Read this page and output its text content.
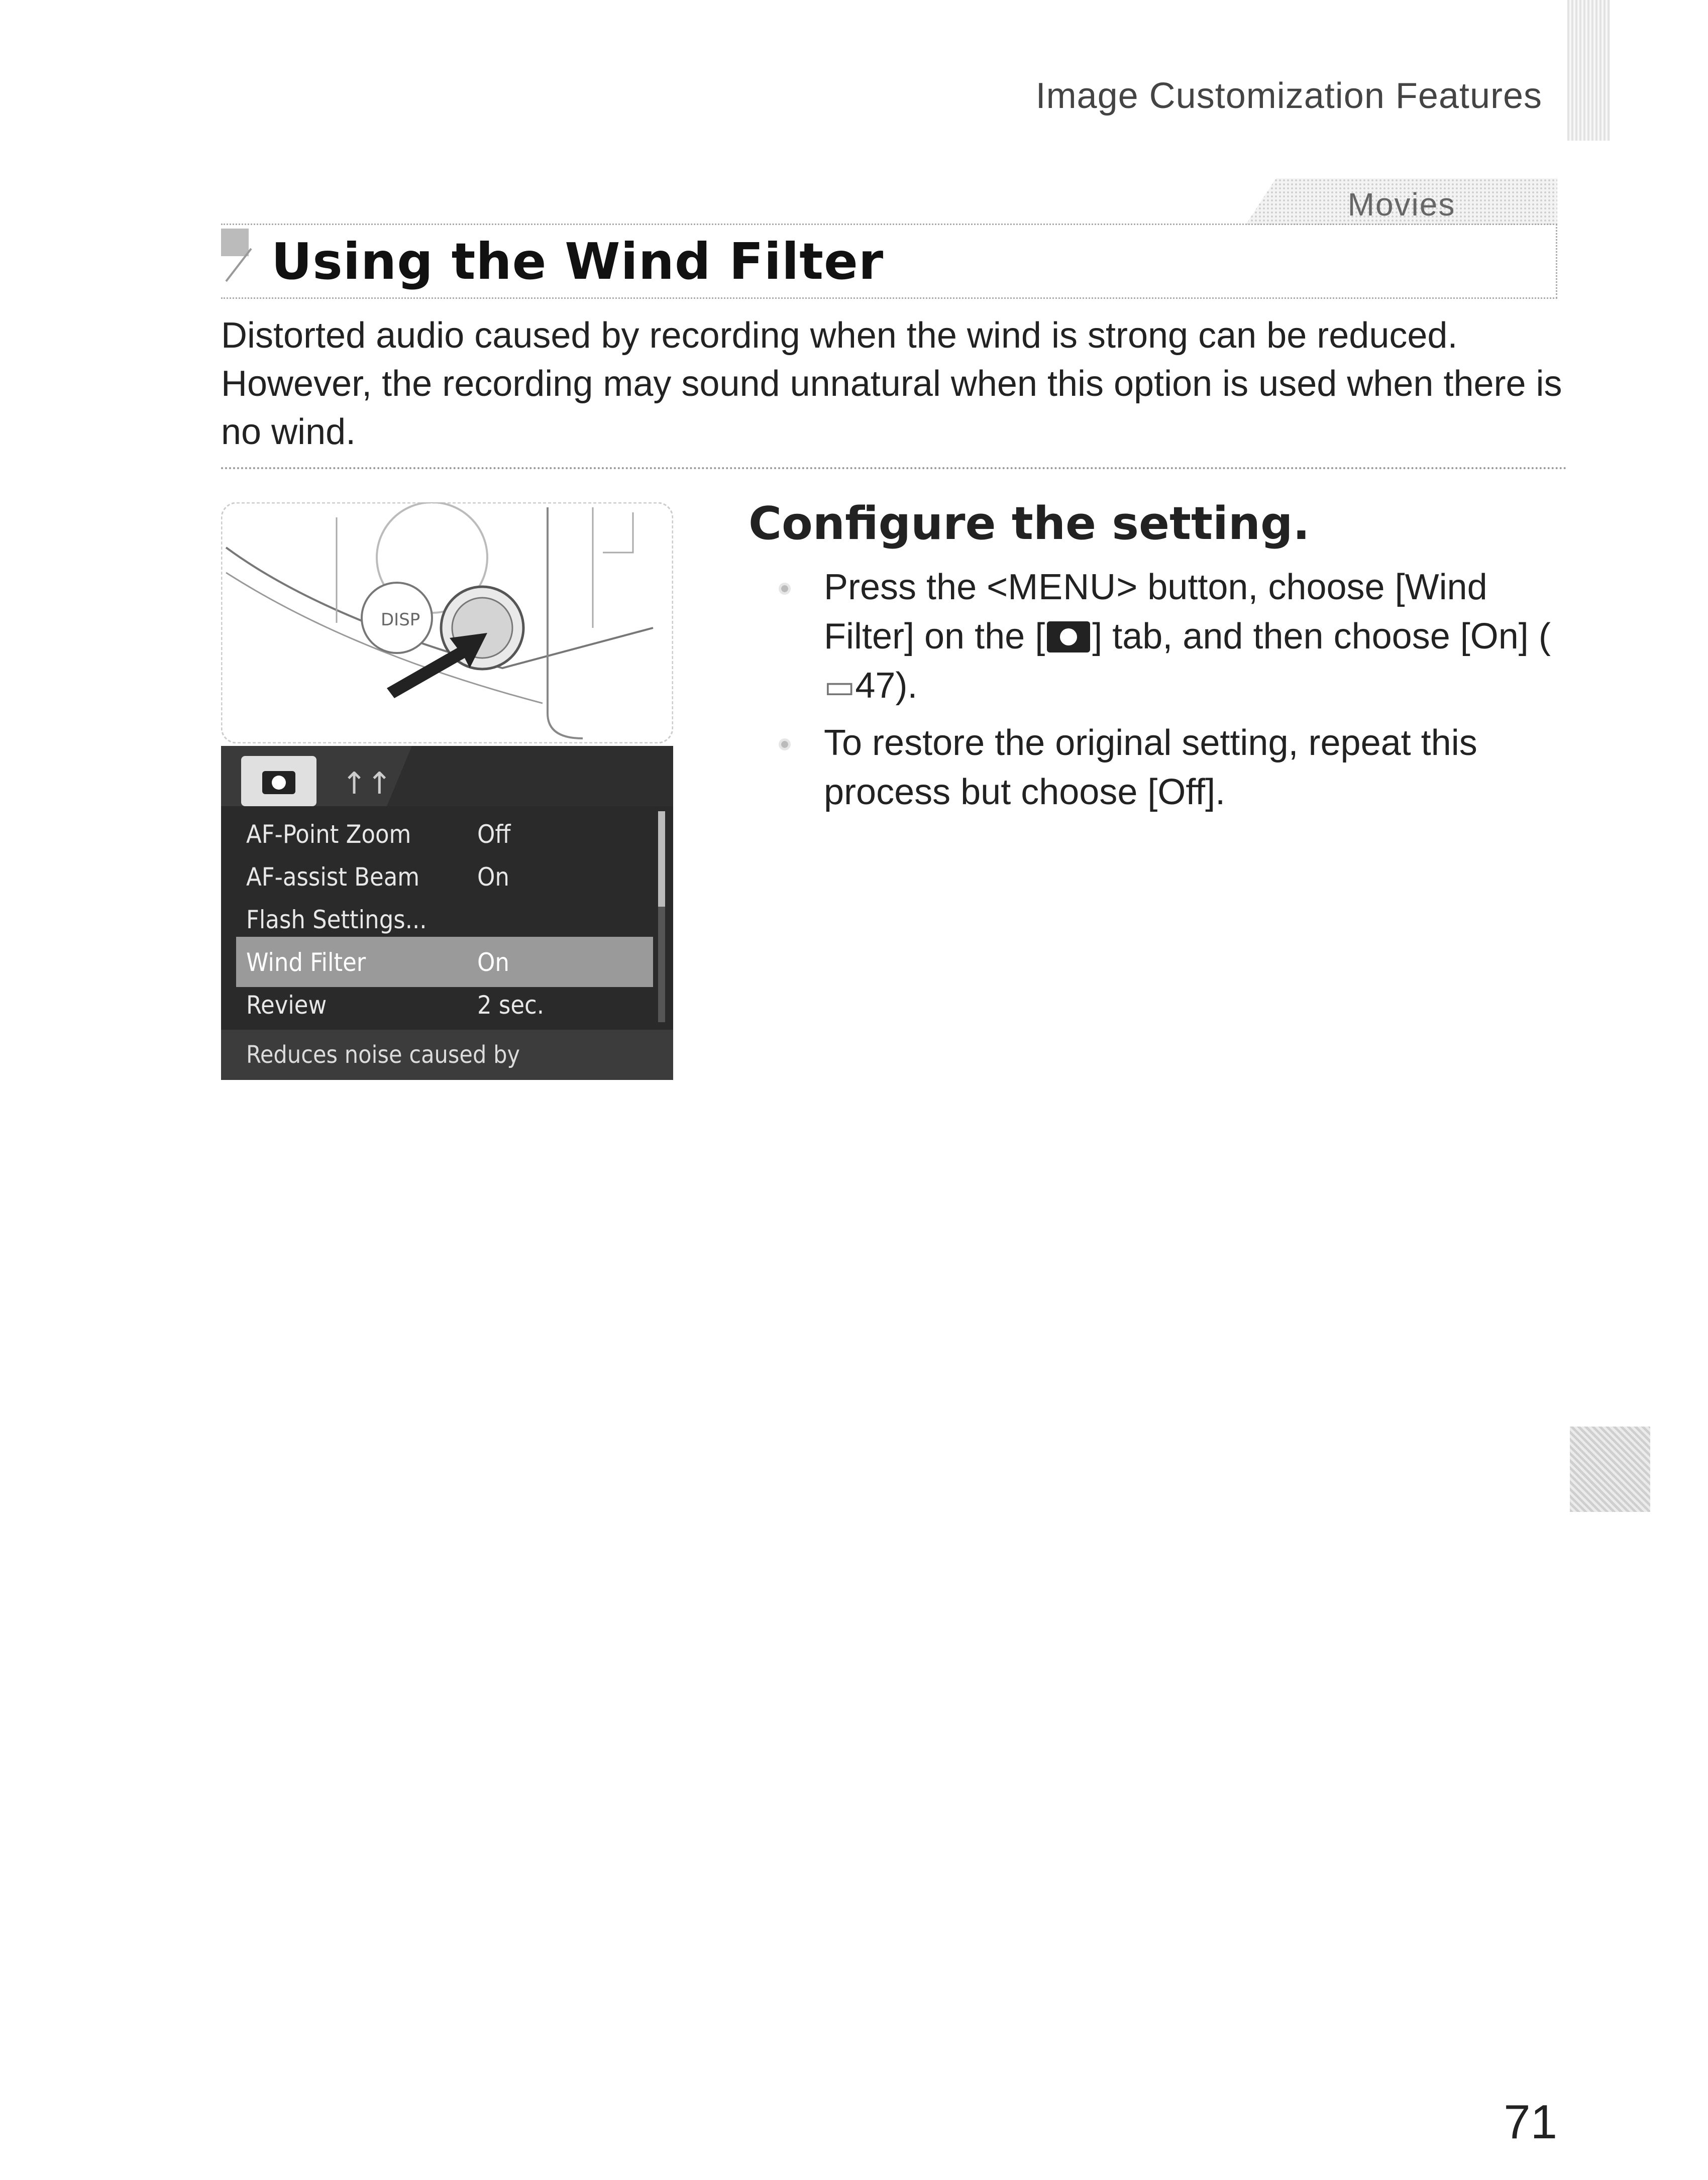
Image Customization Features
Movies
Using the Wind Filter
Distorted audio caused by recording when the wind is strong can be reduced. However, the recording may sound unnatural when this option is used when there is no wind.
DISP
↑↑
AF-Point Zoom	Off
AF-assist Beam On
Flash Settings...
Wind Filter	On
Review	2 sec.
Reduces noise caused by
Configure the setting.
Press the <MENU> button, choose [Wind Filter] on the [ ] tab, and then choose [On] (▭47).
To restore the original setting, repeat this process but choose [Off].
71
